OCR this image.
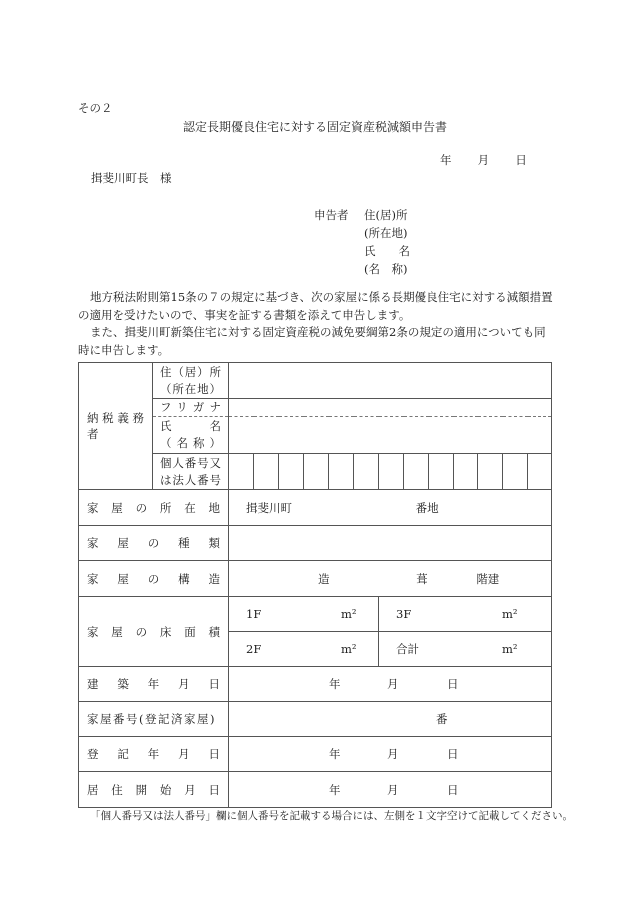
その２
認定長期優良住宅に対する固定資産税減額申告書
年 月 日
揖斐川町長　様
申告者 住(居)所
(所在地)
氏　　名
(名　称)
地方税法附則第15条の７の規定に基づき、次の家屋に係る長期優良住宅に対する減額措置の適用を受けたいので、事実を証する書類を添えて申告します。
また、揖斐川町新築住宅に対する固定資産税の減免要綱第2条の規定の適用についても同時に申告します。
納税義務者	住（居）所
（所在地）													

	フリガナ													

	氏　　名
（名称）													

	個人番号又
は法人番号													

家屋の所在地		揖斐川町 番地												
家屋の種類														
家屋の構造		造 葺 階建												
家屋の床面積		1F m²						3F m²						
		2F m²						合計 m²						
建築年月日		年 月 日												
家屋番号(登記済家屋)		番												
登記年月日		年 月 日												
居住開始月日		年 月 日												
「個人番号又は法人番号」欄に個人番号を記載する場合には、左側を１文字空けて記載してください。
